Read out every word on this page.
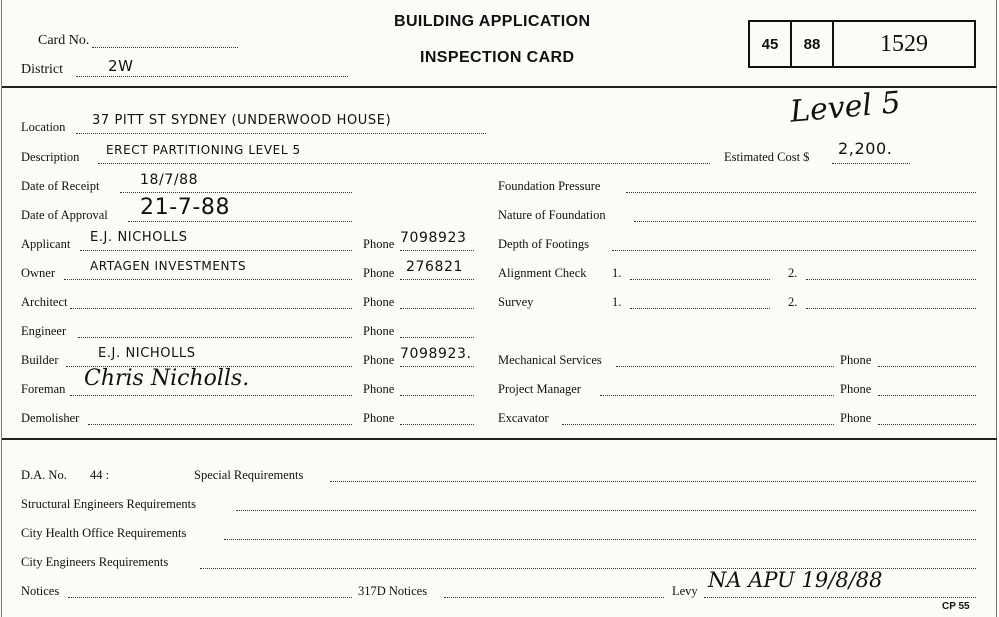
Card No.
District	2W
BUILDING APPLICATION
INSPECTION CARD
45	88	1529
Level 5
Location 37 PITT ST SYDNEY (UNDERWOOD HOUSE)
Description ERECT PARTITIONING LEVEL 5	Estimated Cost $ 2,200.
Date of Receipt	18/7/88
Date of Approval 21-7-88
Applicant E.J. NICHOLLS	Phone 7098923
Owner	ARTAGEN INVESTMENTS	Phone 276821
Architect	Phone
Engineer	Phone
Builder	E.J. NICHOLLS	Phone 7098923.
Foreman Chris Nicholls.	Phone
Demolisher	Phone
Foundation Pressure
Nature of Foundation
Depth of Footings
Alignment Check 1.	2.
Survey	1.	2.
Mechanical Services	Phone
Project Manager	Phone
Excavator	Phone
D.A. No. 44 :	Special Requirements
Structural Engineers Requirements
City Health Office Requirements
City Engineers Requirements
Notices	317D Notices	Levy NA APU 19/8/88
CP 55
